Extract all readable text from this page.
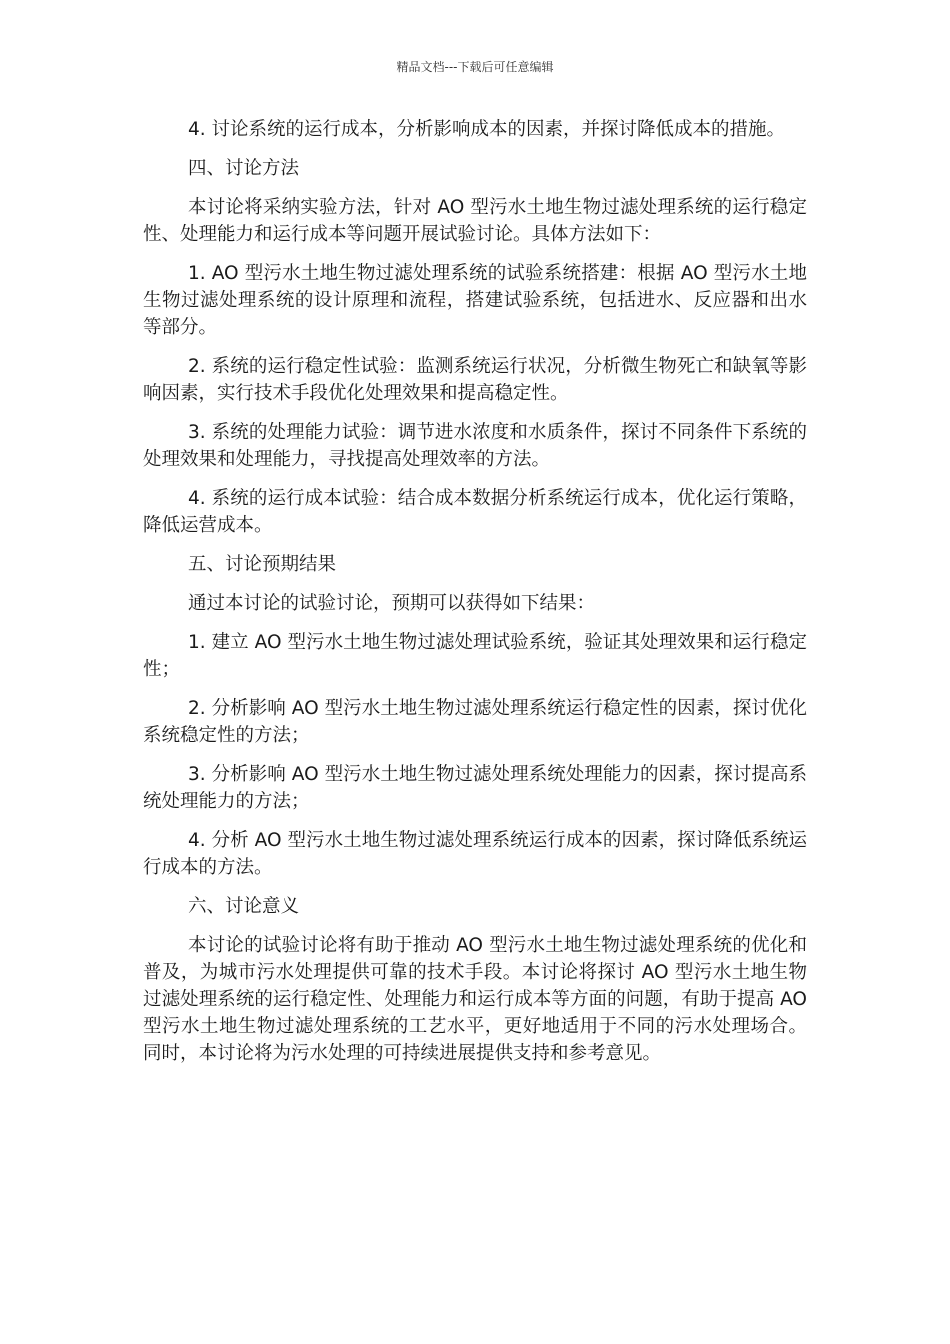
精品文档---下载后可任意编辑

4. 讨论系统的运行成本，分析影响成本的因素，并探讨降低成本的措施。

四、讨论方法

本讨论将采纳实验方法，针对 AO 型污水土地生物过滤处理系统的运行稳定性、处理能力和运行成本等问题开展试验讨论。具体方法如下：

1. AO 型污水土地生物过滤处理系统的试验系统搭建：根据 AO 型污水土地生物过滤处理系统的设计原理和流程，搭建试验系统，包括进水、反应器和出水等部分。

2. 系统的运行稳定性试验：监测系统运行状况，分析微生物死亡和缺氧等影响因素，实行技术手段优化处理效果和提高稳定性。

3. 系统的处理能力试验：调节进水浓度和水质条件，探讨不同条件下系统的处理效果和处理能力，寻找提高处理效率的方法。

4. 系统的运行成本试验：结合成本数据分析系统运行成本，优化运行策略，降低运营成本。

五、讨论预期结果

通过本讨论的试验讨论，预期可以获得如下结果：

1. 建立 AO 型污水土地生物过滤处理试验系统，验证其处理效果和运行稳定性；

2. 分析影响 AO 型污水土地生物过滤处理系统运行稳定性的因素，探讨优化系统稳定性的方法；

3. 分析影响 AO 型污水土地生物过滤处理系统处理能力的因素，探讨提高系统处理能力的方法；

4. 分析 AO 型污水土地生物过滤处理系统运行成本的因素，探讨降低系统运行成本的方法。

六、讨论意义

本讨论的试验讨论将有助于推动 AO 型污水土地生物过滤处理系统的优化和普及，为城市污水处理提供可靠的技术手段。本讨论将探讨 AO 型污水土地生物过滤处理系统的运行稳定性、处理能力和运行成本等方面的问题，有助于提高 AO 型污水土地生物过滤处理系统的工艺水平，更好地适用于不同的污水处理场合。同时，本讨论将为污水处理的可持续进展提供支持和参考意见。
